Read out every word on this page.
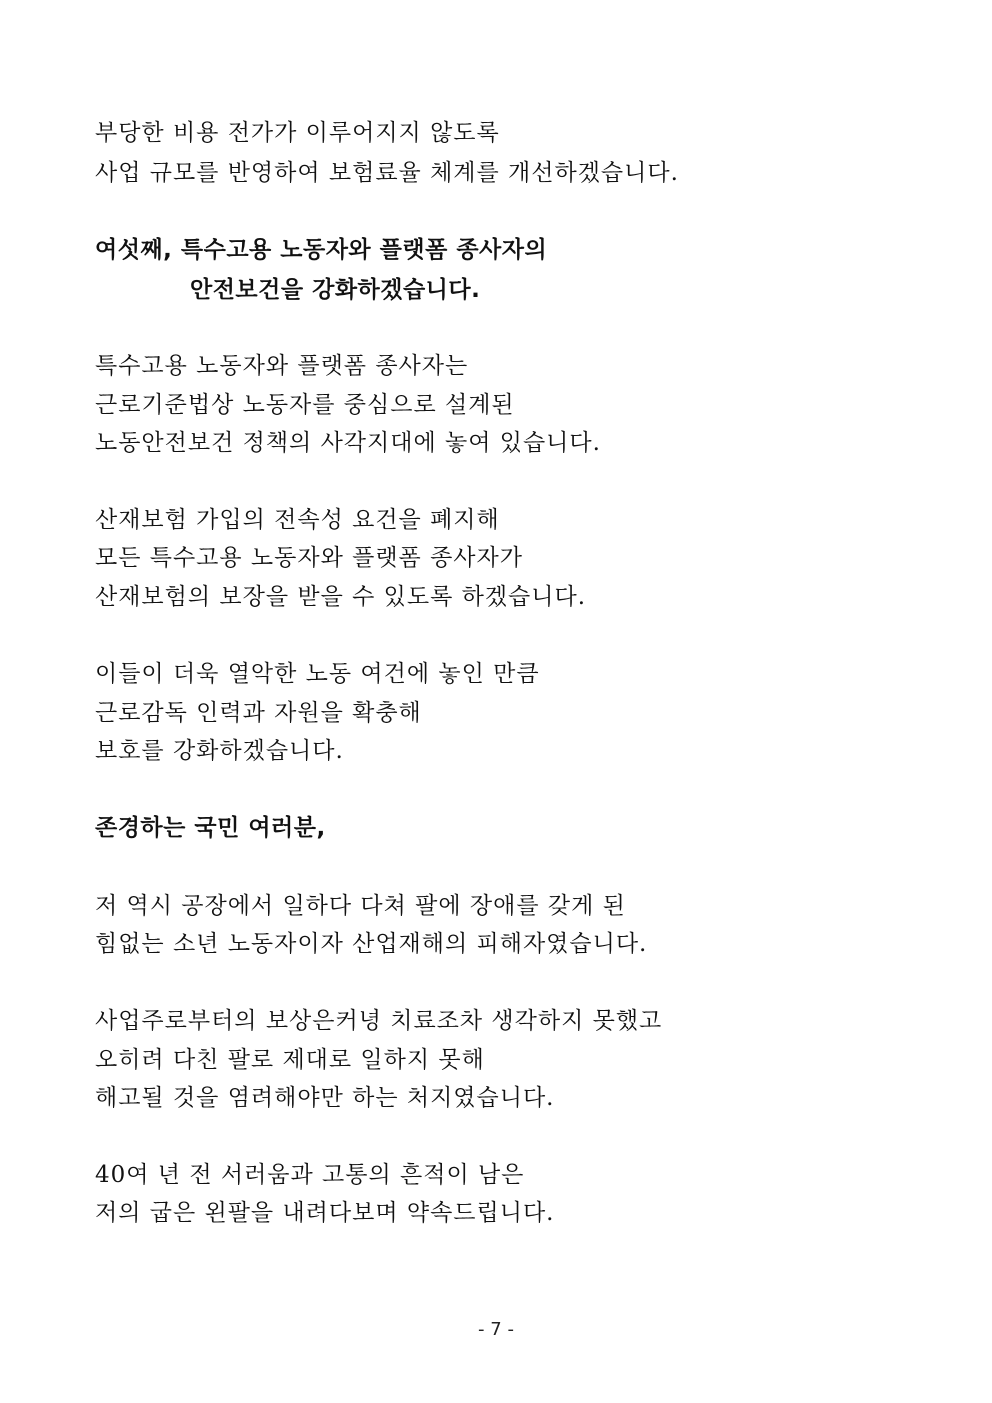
부당한 비용 전가가 이루어지지 않도록
사업 규모를 반영하여 보험료율 체계를 개선하겠습니다.
여섯째, 특수고용 노동자와 플랫폼 종사자의
안전보건을 강화하겠습니다.
특수고용 노동자와 플랫폼 종사자는
근로기준법상 노동자를 중심으로 설계된
노동안전보건 정책의 사각지대에 놓여 있습니다.
산재보험 가입의 전속성 요건을 폐지해
모든 특수고용 노동자와 플랫폼 종사자가
산재보험의 보장을 받을 수 있도록 하겠습니다.
이들이 더욱 열악한 노동 여건에 놓인 만큼
근로감독 인력과 자원을 확충해
보호를 강화하겠습니다.
존경하는 국민 여러분,
저 역시 공장에서 일하다 다쳐 팔에 장애를 갖게 된
힘없는 소년 노동자이자 산업재해의 피해자였습니다.
사업주로부터의 보상은커녕 치료조차 생각하지 못했고
오히려 다친 팔로 제대로 일하지 못해
해고될 것을 염려해야만 하는 처지였습니다.
40여 년 전 서러움과 고통의 흔적이 남은
저의 굽은 왼팔을 내려다보며 약속드립니다.
- 7 -
